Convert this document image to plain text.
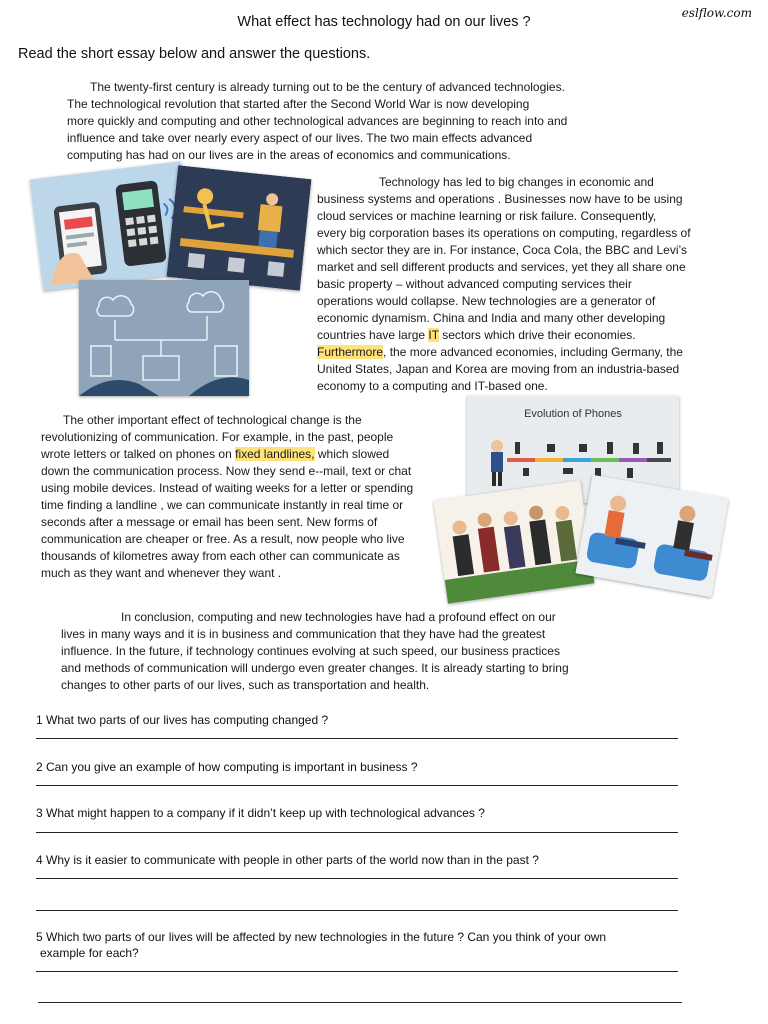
What effect has technology had on our lives ?
eslflow.com
Read the short essay below and answer the questions.
The twenty-first century is already turning out to be the century of advanced technologies.
The technological revolution that started after the Second World War is now developing
more quickly and computing and other technological advances are beginning to reach into and
influence and take over nearly every aspect of our lives. The two main effects advanced
computing has had on our lives are in the areas of economics and communications.
Technology has led to big changes in economic and
business systems and operations . Businesses now have to be using
cloud services or machine learning or risk failure. Consequently,
every big corporation bases its operations on computing, regardless of
which sector they are in. For instance, Coca Cola, the BBC and Levi’s
market and sell different products and services, yet they all share one
basic property – without advanced computing services their
operations would collapse. New technologies are a generator of
economic dynamism. China and India and many other developing
countries have large IT sectors which drive their economies.
Furthermore, the more advanced economies, including Germany, the
United States, Japan and Korea are moving from an industria-based
economy to a computing and IT-based one.
The other important effect of technological change is the
revolutionizing of communication. For example, in the past, people
wrote letters or talked on phones on fixed landlines, which slowed
down the communication process. Now they send e--mail, text or chat
using mobile devices. Instead of waiting weeks for a letter or spending
time finding a landline , we can communicate instantly in real time or
seconds after a message or email has been sent. New forms of
communication are cheaper or free. As a result, now people who live
thousands of kilometres away from each other can communicate as
much as they want and whenever they want .
Evolution of Phones
In conclusion, computing and new technologies have had a profound effect on our
lives in many ways and it is in business and communication that they have had the greatest
influence. In the future, if technology continues evolving at such speed, our business practices
and methods of communication will undergo even greater changes. It is already starting to bring
changes to other parts of our lives, such as transportation and health.
1 What two parts of our lives has computing changed ?
2 Can you give an example of how computing is important in business ?
3 What might happen to a company if it didn’t keep up with technological advances ?
4 Why is it easier to communicate with people in other parts of the world now than in the past ?
5 Which two parts of our lives will be affected by new technologies in the future ? Can you think of your own
example for each?
